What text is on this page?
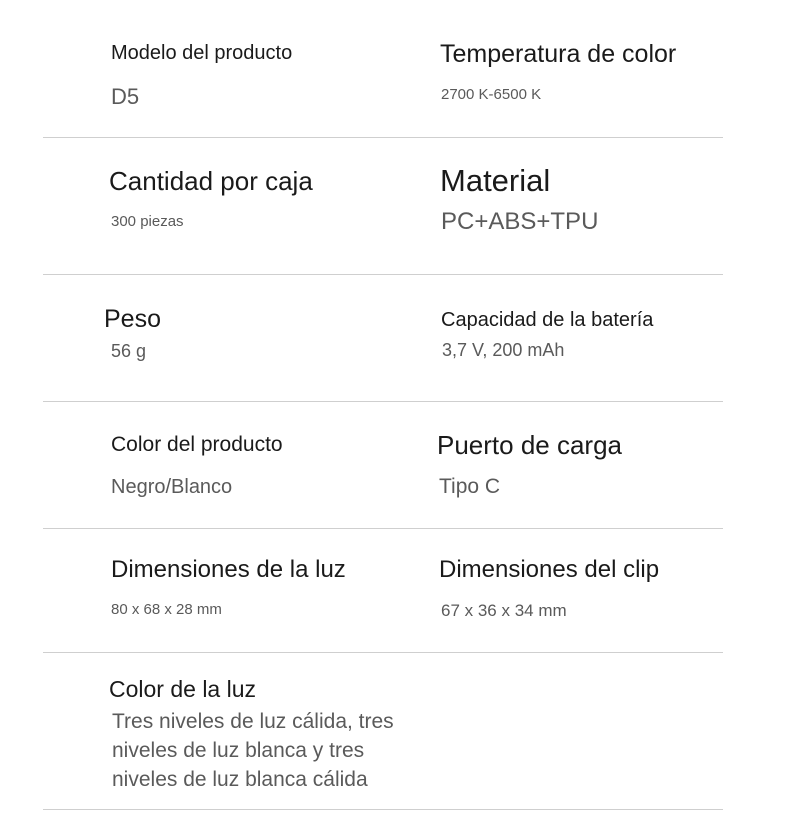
Modelo del producto
D5
Temperatura de color
2700 K-6500 K
Cantidad por caja
300 piezas
Material
PC+ABS+TPU
Peso
56 g
Capacidad de la batería
3,7 V, 200 mAh
Color del producto
Negro/Blanco
Puerto de carga
Tipo C
Dimensiones de la luz
80 x 68 x 28 mm
Dimensiones del clip
67 x 36 x 34 mm
Color de la luz
Tres niveles de luz cálida, tres niveles de luz blanca y tres niveles de luz blanca cálida
